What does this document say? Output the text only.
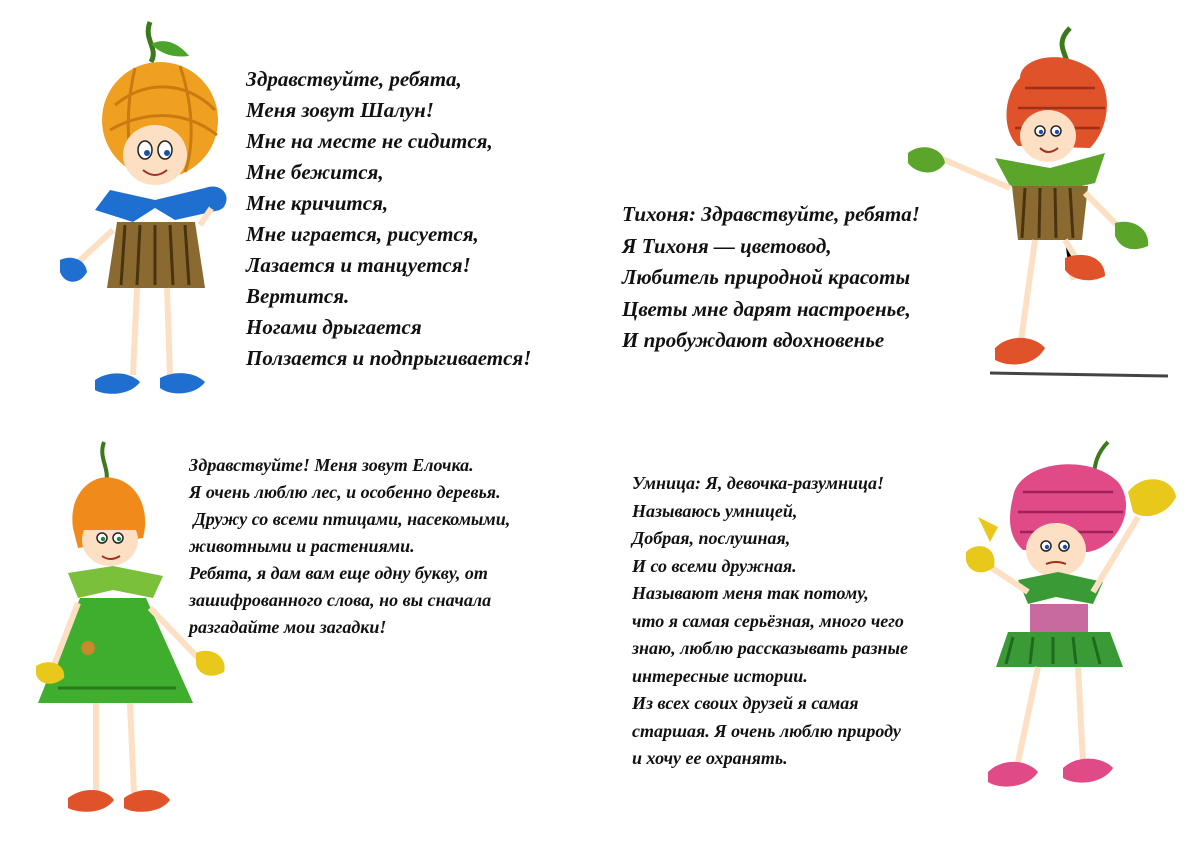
Здравствуйте, ребята,
Меня зовут Шалун!
Мне на месте не сидится,
Мне бежится,
Мне кричится,
Мне играется, рисуется,
Лазается и танцуется!
Вертится.
Ногами дрыгается
Ползается и подпрыгивается!
Тихоня: Здравствуйте, ребята!
Я Тихоня — цветовод,
Любитель природной красоты
Цветы мне дарят настроенье,
И пробуждают вдохновенье
Здравствуйте! Меня зовут Елочка.
Я очень люблю лес, и особенно деревья.
Дружу со всеми птицами, насекомыми,
животными и растениями.
Ребята, я дам вам еще одну букву, от
зашифрованного слова, но вы сначала
разгадайте мои загадки!
Умница: Я, девочка-разумница!
Называюсь умницей,
Добрая, послушная,
И со всеми дружная.
Называют меня так потому,
что я самая серьёзная, много чего
знаю, люблю рассказывать разные
интересные истории.
Из всех своих друзей я самая
старшая. Я очень люблю природу
и хочу ее охранять.
